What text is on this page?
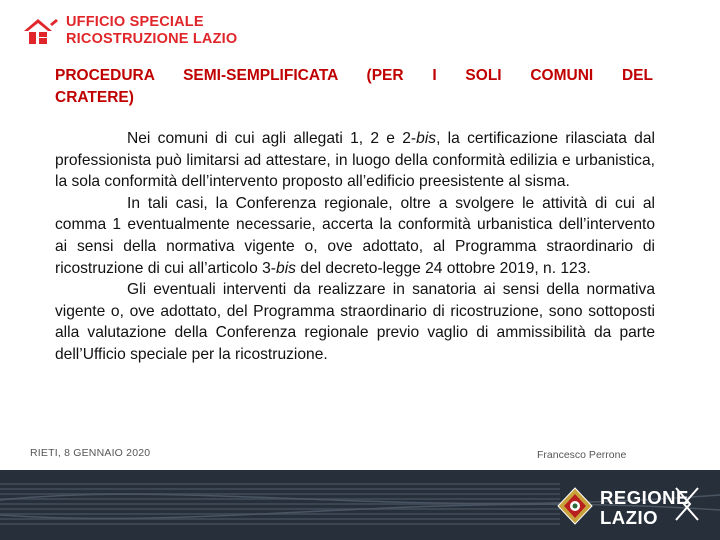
UFFICIO SPECIALE
RICOSTRUZIONE LAZIO

PROCEDURA SEMI-SEMPLIFICATA (PER I SOLI COMUNI DEL

CRATERE)

Nei comuni di cui agli allegati 1, 2 e 2-bis, la certificazione rilasciata dal professionista può limitarsi ad attestare, in luogo della conformità edilizia e urbanistica, la sola conformità dell’intervento proposto all’edificio preesistente al sisma.

In tali casi, la Conferenza regionale, oltre a svolgere le attività di cui al comma 1 eventualmente necessarie, accerta la conformità urbanistica dell’intervento ai sensi della normativa vigente o, ove adottato, al Programma straordinario di ricostruzione di cui all’articolo 3-bis del decreto-legge 24 ottobre 2019, n. 123.

Gli eventuali interventi da realizzare in sanatoria ai sensi della normativa vigente o, ove adottato, del Programma straordinario di ricostruzione, sono sottoposti alla valutazione della Conferenza regionale previo vaglio di ammissibilità da parte dell’Ufficio speciale per la ricostruzione.

RIETI, 8 GENNAIO 2020	Francesco Perrone
REGIONE
LAZIO
